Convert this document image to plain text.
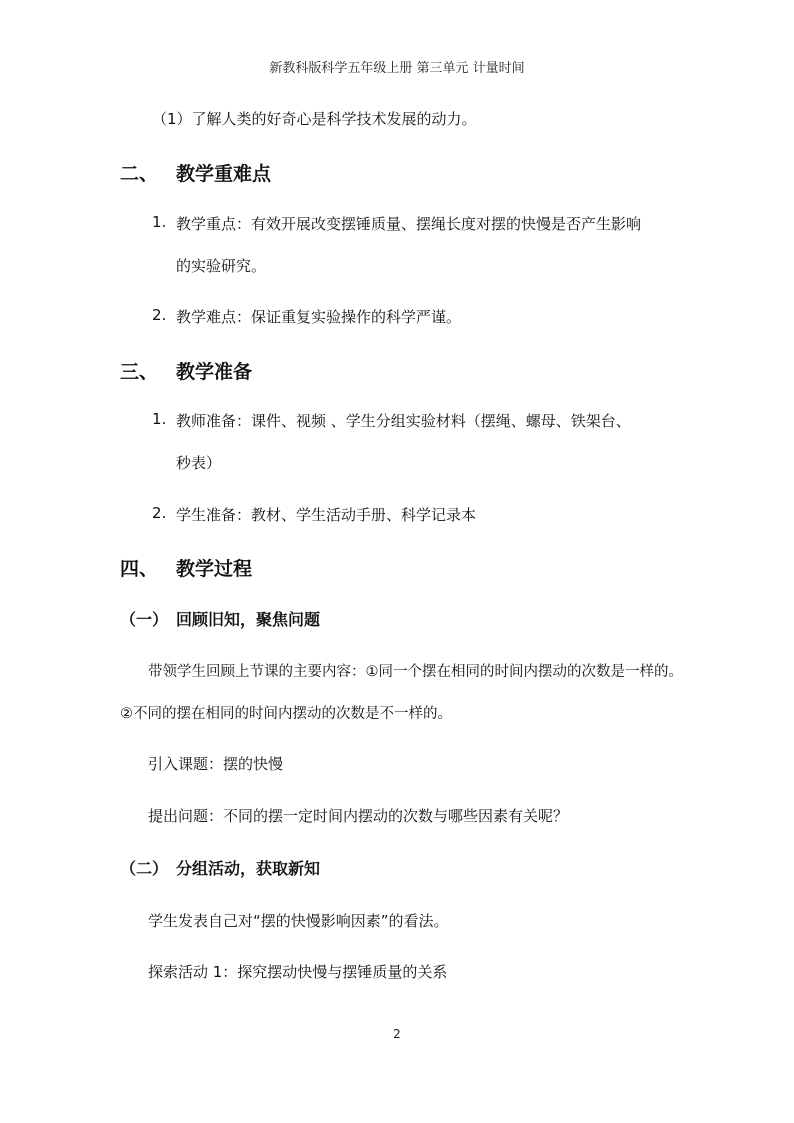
新教科版科学五年级上册 第三单元 计量时间
（1）了解人类的好奇心是科学技术发展的动力。
二、 教学重难点
1. 教学重点：有效开展改变摆锤质量、摆绳长度对摆的快慢是否产生影响
的实验研究。
2. 教学难点：保证重复实验操作的科学严谨。
三、 教学准备
1. 教师准备：课件、视频 、学生分组实验材料（摆绳、螺母、铁架台、
秒表）
2. 学生准备：教材、学生活动手册、科学记录本
四、 教学过程
（一） 回顾旧知，聚焦问题
带领学生回顾上节课的主要内容：①同一个摆在相同的时间内摆动的次数是一样的。
②不同的摆在相同的时间内摆动的次数是不一样的。
引入课题：摆的快慢
提出问题：不同的摆一定时间内摆动的次数与哪些因素有关呢？
（二） 分组活动，获取新知
学生发表自己对“摆的快慢影响因素”的看法。
探索活动 1：探究摆动快慢与摆锤质量的关系
2
